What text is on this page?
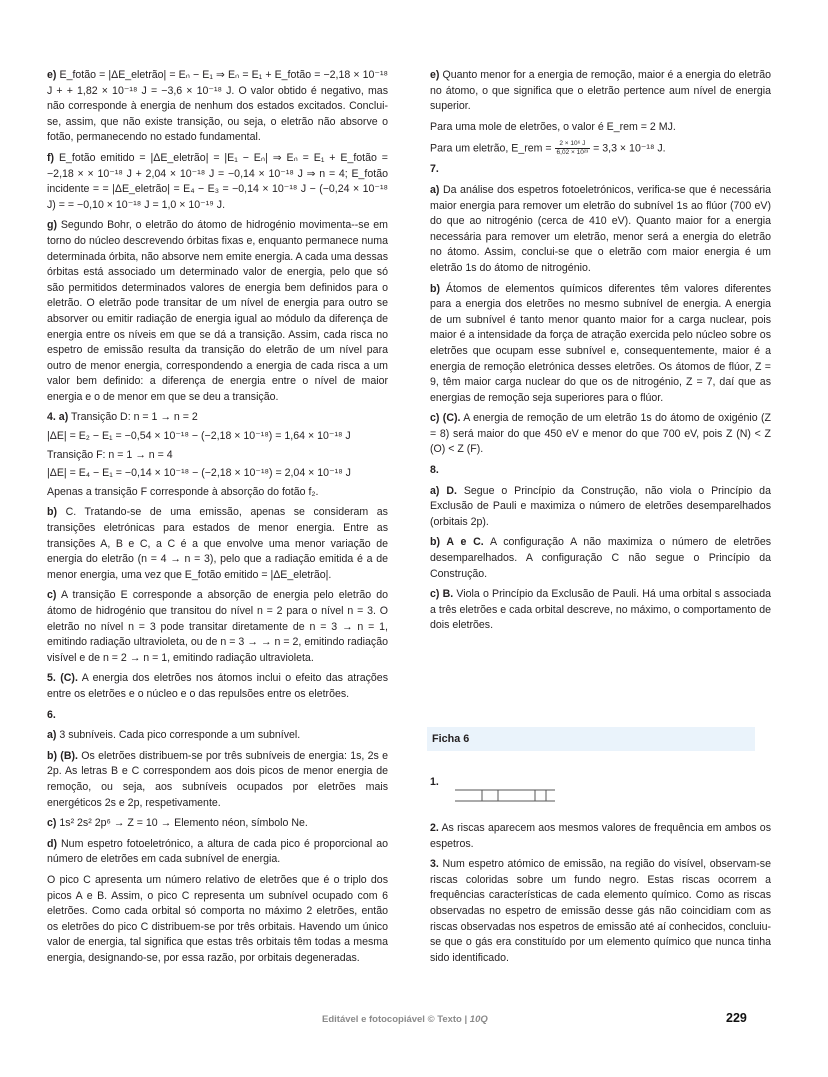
e) E_fotão = |ΔE_eletrão| = Eₙ − E₁ ⇒ Eₙ = E₁ + E_fotão = −2,18 × 10⁻¹⁸ J + + 1,82 × 10⁻¹⁸ J = −3,6 × 10⁻¹⁸ J. O valor obtido é negativo, mas não corresponde à energia de nenhum dos estados excitados. Conclui-se, assim, que não existe transição, ou seja, o eletrão não absorve o fotão, permanecendo no estado fundamental.

f) E_fotão emitido = |ΔE_eletrão| = |E₁ − Eₙ| ⇒ Eₙ = E₁ + E_fotão = −2,18 × × 10⁻¹⁸ J + 2,04 × 10⁻¹⁸ J = −0,14 × 10⁻¹⁸ J ⇒ n = 4; E_fotão incidente = = |ΔE_eletrão| = E₄ − E₃ = −0,14 × 10⁻¹⁸ J − (−0,24 × 10⁻¹⁸ J) = = −0,10 × 10⁻¹⁸ J = 1,0 × 10⁻¹⁹ J.

g) Segundo Bohr, o eletrão do átomo de hidrogénio movimenta--se em torno do núcleo descrevendo órbitas fixas e, enquanto permanece numa determinada órbita, não absorve nem emite energia. A cada uma dessas órbitas está associado um determinado valor de energia, pelo que só são permitidos determinados valores de energia bem definidos para o eletrão. O eletrão pode transitar de um nível de energia para outro se absorver ou emitir radiação de energia igual ao módulo da diferença de energia entre os níveis em que se dá a transição. Assim, cada risca no espetro de emissão resulta da transição do eletrão de um nível para outro de menor energia, correspondendo a energia de cada risca a um valor bem definido: a diferença de energia entre o nível de maior energia e o de menor em que se deu a transição.

4. a) Transição D: n = 1 → n = 2
|ΔE| = E₂ − E₁ = −0,54 × 10⁻¹⁸ − (−2,18 × 10⁻¹⁸) = 1,64 × 10⁻¹⁸ J
Transição F: n = 1 → n = 4
|ΔE| = E₄ − E₁ = −0,14 × 10⁻¹⁸ − (−2,18 × 10⁻¹⁸) = 2,04 × 10⁻¹⁸ J

Apenas a transição F corresponde à absorção do fotão f₂.

b) C. Tratando-se de uma emissão, apenas se consideram as transições eletrónicas para estados de menor energia. Entre as transições A, B e C, a C é a que envolve uma menor variação de energia do eletrão (n = 4 → n = 3), pelo que a radiação emitida é a de menor energia, uma vez que E_fotão emitido = |ΔE_eletrão|.

c) A transição E corresponde a absorção de energia pelo eletrão do átomo de hidrogénio que transitou do nível n = 2 para o nível n = 3. O eletrão no nível n = 3 pode transitar diretamente de n = 3 → n = 1, emitindo radiação ultravioleta, ou de n = 3 → → n = 2, emitindo radiação visível e de n = 2 → n = 1, emitindo radiação ultravioleta.

5. (C). A energia dos eletrões nos átomos inclui o efeito das atrações entre os eletrões e o núcleo e o das repulsões entre os eletrões.

6.

a) 3 subníveis. Cada pico corresponde a um subnível.

b) (B). Os eletrões distribuem-se por três subníveis de energia: 1s, 2s e 2p. As letras B e C correspondem aos dois picos de menor energia de remoção, ou seja, aos subníveis ocupados por eletrões mais energéticos 2s e 2p, respetivamente.

c) 1s² 2s² 2p⁶ → Z = 10 → Elemento néon, símbolo Ne.

d) Num espetro fotoeletrónico, a altura de cada pico é proporcional ao número de eletrões em cada subnível de energia.

O pico C apresenta um número relativo de eletrões que é o triplo dos picos A e B. Assim, o pico C representa um subnível ocupado com 6 eletrões. Como cada orbital só comporta no máximo 2 eletrões, então os eletrões do pico C distribuem-se por três orbitais. Havendo um único valor de energia, tal significa que estas três orbitais têm todas a mesma energia, designando-se, por essa razão, por orbitais degeneradas.

e) Quanto menor for a energia de remoção, maior é a energia do eletrão no átomo, o que significa que o eletrão pertence aum nível de energia superior.

Para uma mole de eletrões, o valor é E_rem = 2 MJ.

Para um eletrão, E_rem = $\frac{\text{2 × 10⁶ J}}{\text{6,02 × 10²³}} = 3,3 \times 10^{-18}$ J.

7.

a) Da análise dos espetros fotoeletrónicos, verifica-se que é necessária maior energia para remover um eletrão do subnível 1s ao flúor (700 eV) do que ao nitrogénio (cerca de 410 eV). Quanto maior for a energia necessária para remover um eletrão, menor será a energia do eletrão no átomo. Assim, conclui-se que o eletrão com maior energia é um eletrão 1s do átomo de nitrogénio.

b) Átomos de elementos químicos diferentes têm valores diferentes para a energia dos eletrões no mesmo subnível de energia. A energia de um subnível é tanto menor quanto maior for a carga nuclear, pois maior é a intensidade da força de atração exercida pelo núcleo sobre os eletrões que ocupam esse subnível e, consequentemente, maior é a energia de remoção eletrónica desses eletrões. Os átomos de flúor, Z = 9, têm maior carga nuclear do que os de nitrogénio, Z = 7, daí que as energias de remoção seja superiores para o flúor.

c) (C). A energia de remoção de um eletrão 1s do átomo de oxigénio (Z = 8) será maior do que 450 eV e menor do que 700 eV, pois Z (N) < Z (O) < Z (F).

8.

a) D. Segue o Princípio da Construção, não viola o Princípio da Exclusão de Pauli e maximiza o número de eletrões desemparelhados (orbitais 2p).

b) A e C. A configuração A não maximiza o número de eletrões desemparelhados. A configuração C não segue o Princípio da Construção.

c) B. Viola o Princípio da Exclusão de Pauli. Há uma orbital s associada a três eletrões e cada orbital descreve, no máximo, o comportamento de dois eletrões.

Ficha 6
1.

2. As riscas aparecem aos mesmos valores de frequência em ambos os espetros.

3. Num espetro atómico de emissão, na região do visível, observam-se riscas coloridas sobre um fundo negro. Estas riscas ocorrem a frequências características de cada elemento químico. Como as riscas observadas no espetro de emissão desse gás não coincidiam com as riscas observadas nos espetros de emissão até aí conhecidos, concluiu-se que o gás era constituído por um elemento químico que nunca tinha sido identificado.

Editável e fotocopiável © Texto | 10Q	229
